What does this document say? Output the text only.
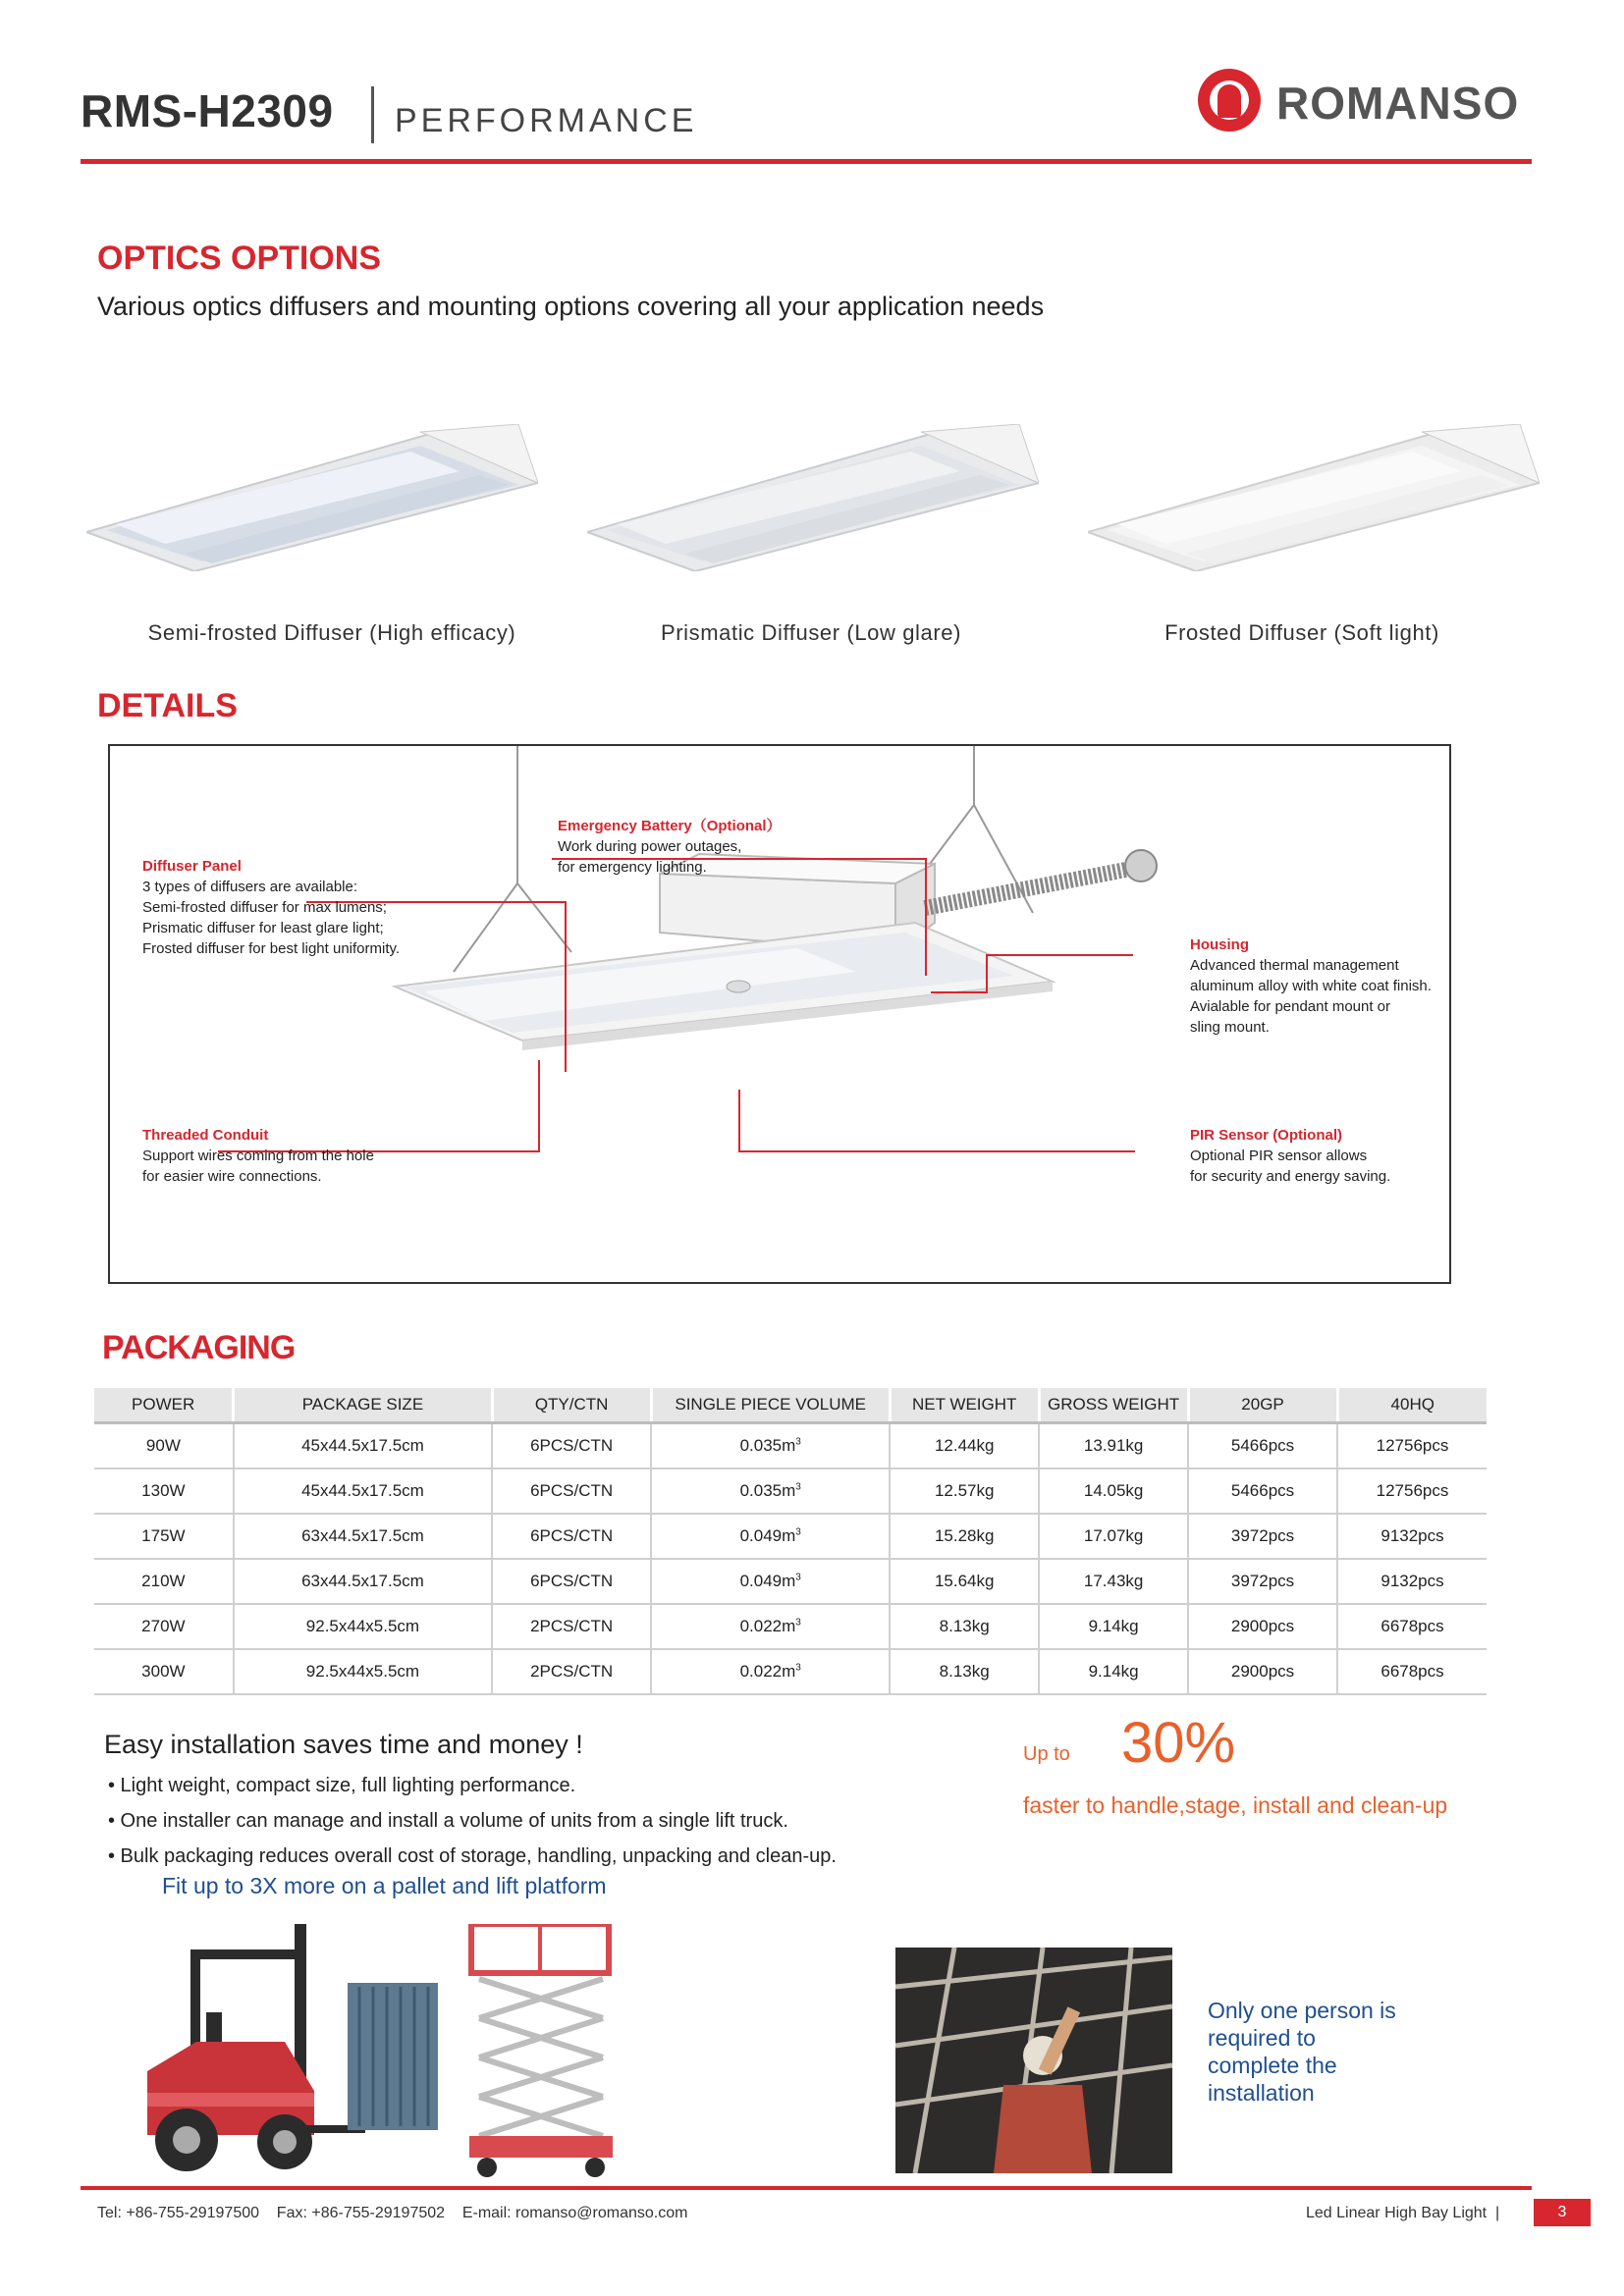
RMS-H2309 PERFORMANCE	ROMANSO
OPTICS OPTIONS
Various optics diffusers and mounting options covering all your application needs
Semi-frosted Diffuser (High efficacy)	Prismatic Diffuser (Low glare)	Frosted Diffuser (Soft light)
DETAILS
Diffuser Panel
3 types of diffusers are available:
Semi-frosted diffuser for max lumens;
Prismatic diffuser for least glare light;
Frosted diffuser for best light uniformity.
Emergency Battery（Optional）
Work during power outages,
for emergency lighting.
Housing
Advanced thermal management
aluminum alloy with white coat finish.
Avialable for pendant mount or
sling mount.
Threaded Conduit
Support wires coming from the hole
for easier wire connections.
PIR Sensor (Optional)
Optional PIR sensor allows
for security and energy saving.
PACKAGING
POWER	PACKAGE SIZE	QTY/CTN	SINGLE PIECE VOLUME	NET WEIGHT	GROSS WEIGHT	20GP	40HQ
90W	45x44.5x17.5cm	6PCS/CTN	$0.035m^3$	12.44kg	13.91kg	5466pcs	12756pcs
130W	45x44.5x17.5cm	6PCS/CTN	$0.035m^3$	12.57kg	14.05kg	5466pcs	12756pcs
175W	63x44.5x17.5cm	6PCS/CTN	$0.049m^3$	15.28kg	17.07kg	3972pcs	9132pcs
210W	63x44.5x17.5cm	6PCS/CTN	$0.049m^3$	15.64kg	17.43kg	3972pcs	9132pcs
270W	92.5x44x5.5cm	2PCS/CTN	$0.022m^3$	8.13kg	9.14kg	2900pcs	6678pcs
300W	92.5x44x5.5cm	2PCS/CTN	$0.022m^3$	8.13kg	9.14kg	2900pcs	6678pcs
Easy installation saves time and money !
• Light weight, compact size, full lighting performance.
• One installer can manage and install a volume of units from a single lift truck.
• Bulk packaging reduces overall cost of storage, handling, unpacking and clean-up.
Up to 30%
faster to handle,stage, install and clean-up
Fit up to 3X more on a pallet and lift platform
Only one person is required to complete the installation
Tel: +86-755-29197500    Fax: +86-755-29197502    E-mail: romanso@romanso.com	Led Linear High Bay Light  |	3
